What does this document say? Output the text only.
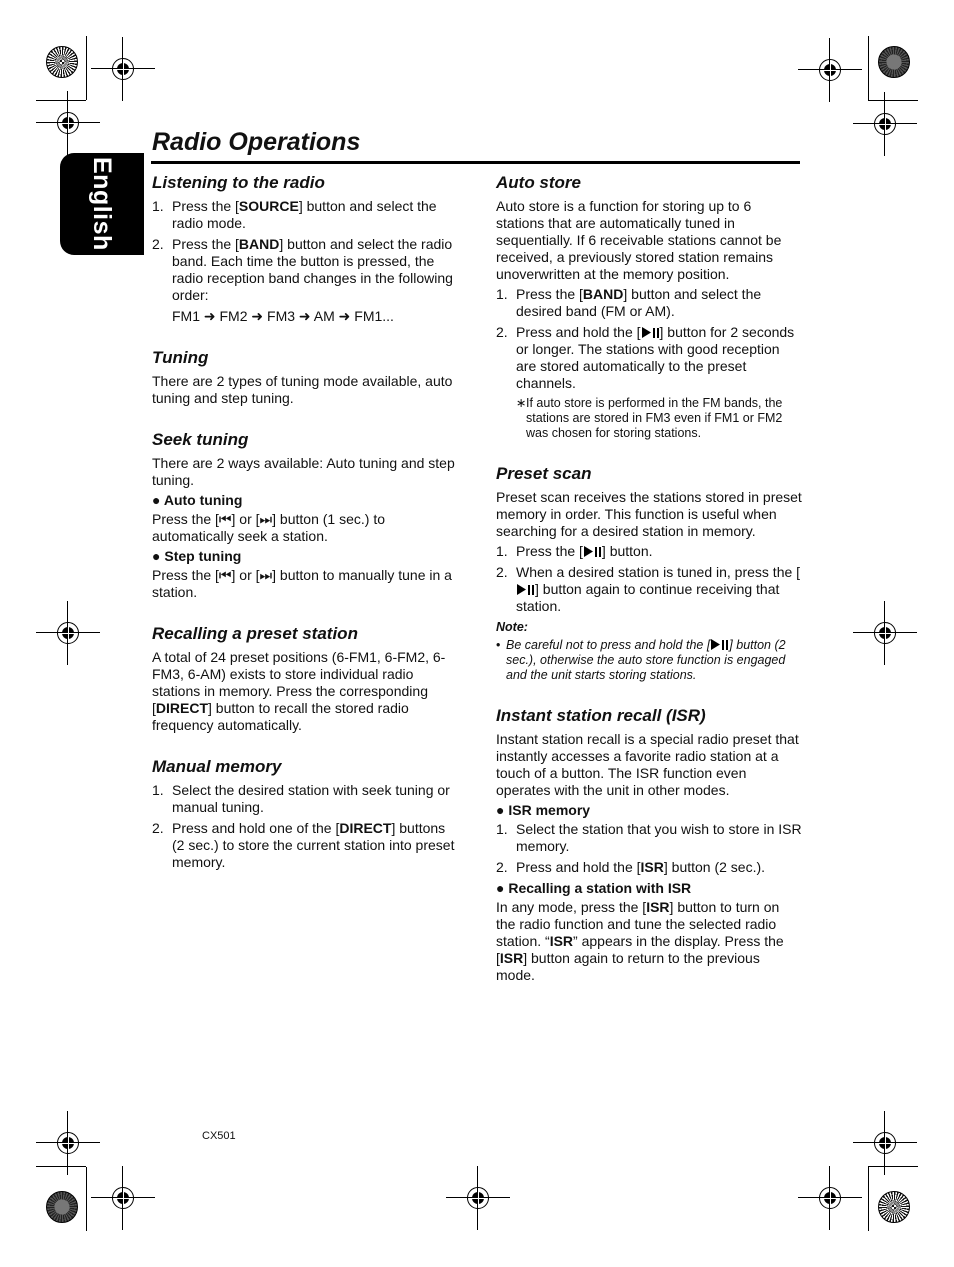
English
Radio Operations
Listening to the radio
1. Press the [SOURCE] button and select the radio mode.
2. Press the [BAND] button and select the radio band. Each time the button is pressed, the radio reception band changes in the following order:
FM1 ➜ FM2 ➜ FM3 ➜ AM ➜ FM1...
Tuning

There are 2 types of tuning mode available, auto tuning and step tuning.

Seek tuning

There are 2 ways available: Auto tuning and step tuning.

● Auto tuning

Press the [⏮] or [⏭] button (1 sec.) to automatically seek a station.

● Step tuning

Press the [⏮] or [⏭] button to manually tune in a station.

Recalling a preset station

A total of 24 preset positions (6-FM1, 6-FM2, 6-FM3, 6-AM) exists to store individual radio stations in memory. Press the corresponding [DIRECT] button to recall the stored radio frequency automatically.

Manual memory
1. Select the desired station with seek tuning or manual tuning.
2. Press and hold one of the [DIRECT] buttons (2 sec.) to store the current station into preset memory.
Auto store

Auto store is a function for storing up to 6 stations that are automatically tuned in sequentially. If 6 receivable stations cannot be received, a previously stored station remains unoverwritten at the memory position.

1. Press the [BAND] button and select the desired band (FM or AM).
2. Press and hold the [ ] button for 2 seconds or longer. The stations with good reception are stored automatically to the preset channels.
∗ If auto store is performed in the FM bands, the stations are stored in FM3 even if FM1 or FM2 was chosen for storing stations.
Preset scan

Preset scan receives the stations stored in preset memory in order. This function is useful when searching for a desired station in memory.

1. Press the [ ] button.
2. When a desired station is tuned in, press the [
] button again to continue receiving that station.
Note:
• Be careful not to press and hold the [ ] button (2 sec.), otherwise the auto store function is engaged and the unit starts storing stations.
Instant station recall (ISR)

Instant station recall is a special radio preset that instantly accesses a favorite radio station at a touch of a button. The ISR function even operates with the unit in other modes.

● ISR memory
1. Select the station that you wish to store in ISR memory.
2. Press and hold the [ISR] button (2 sec.).
● Recalling a station with ISR

In any mode, press the [ISR] button to turn on the radio function and tune the selected radio station. “ISR” appears in the display. Press the [ISR] button again to return to the previous mode.

CX501
